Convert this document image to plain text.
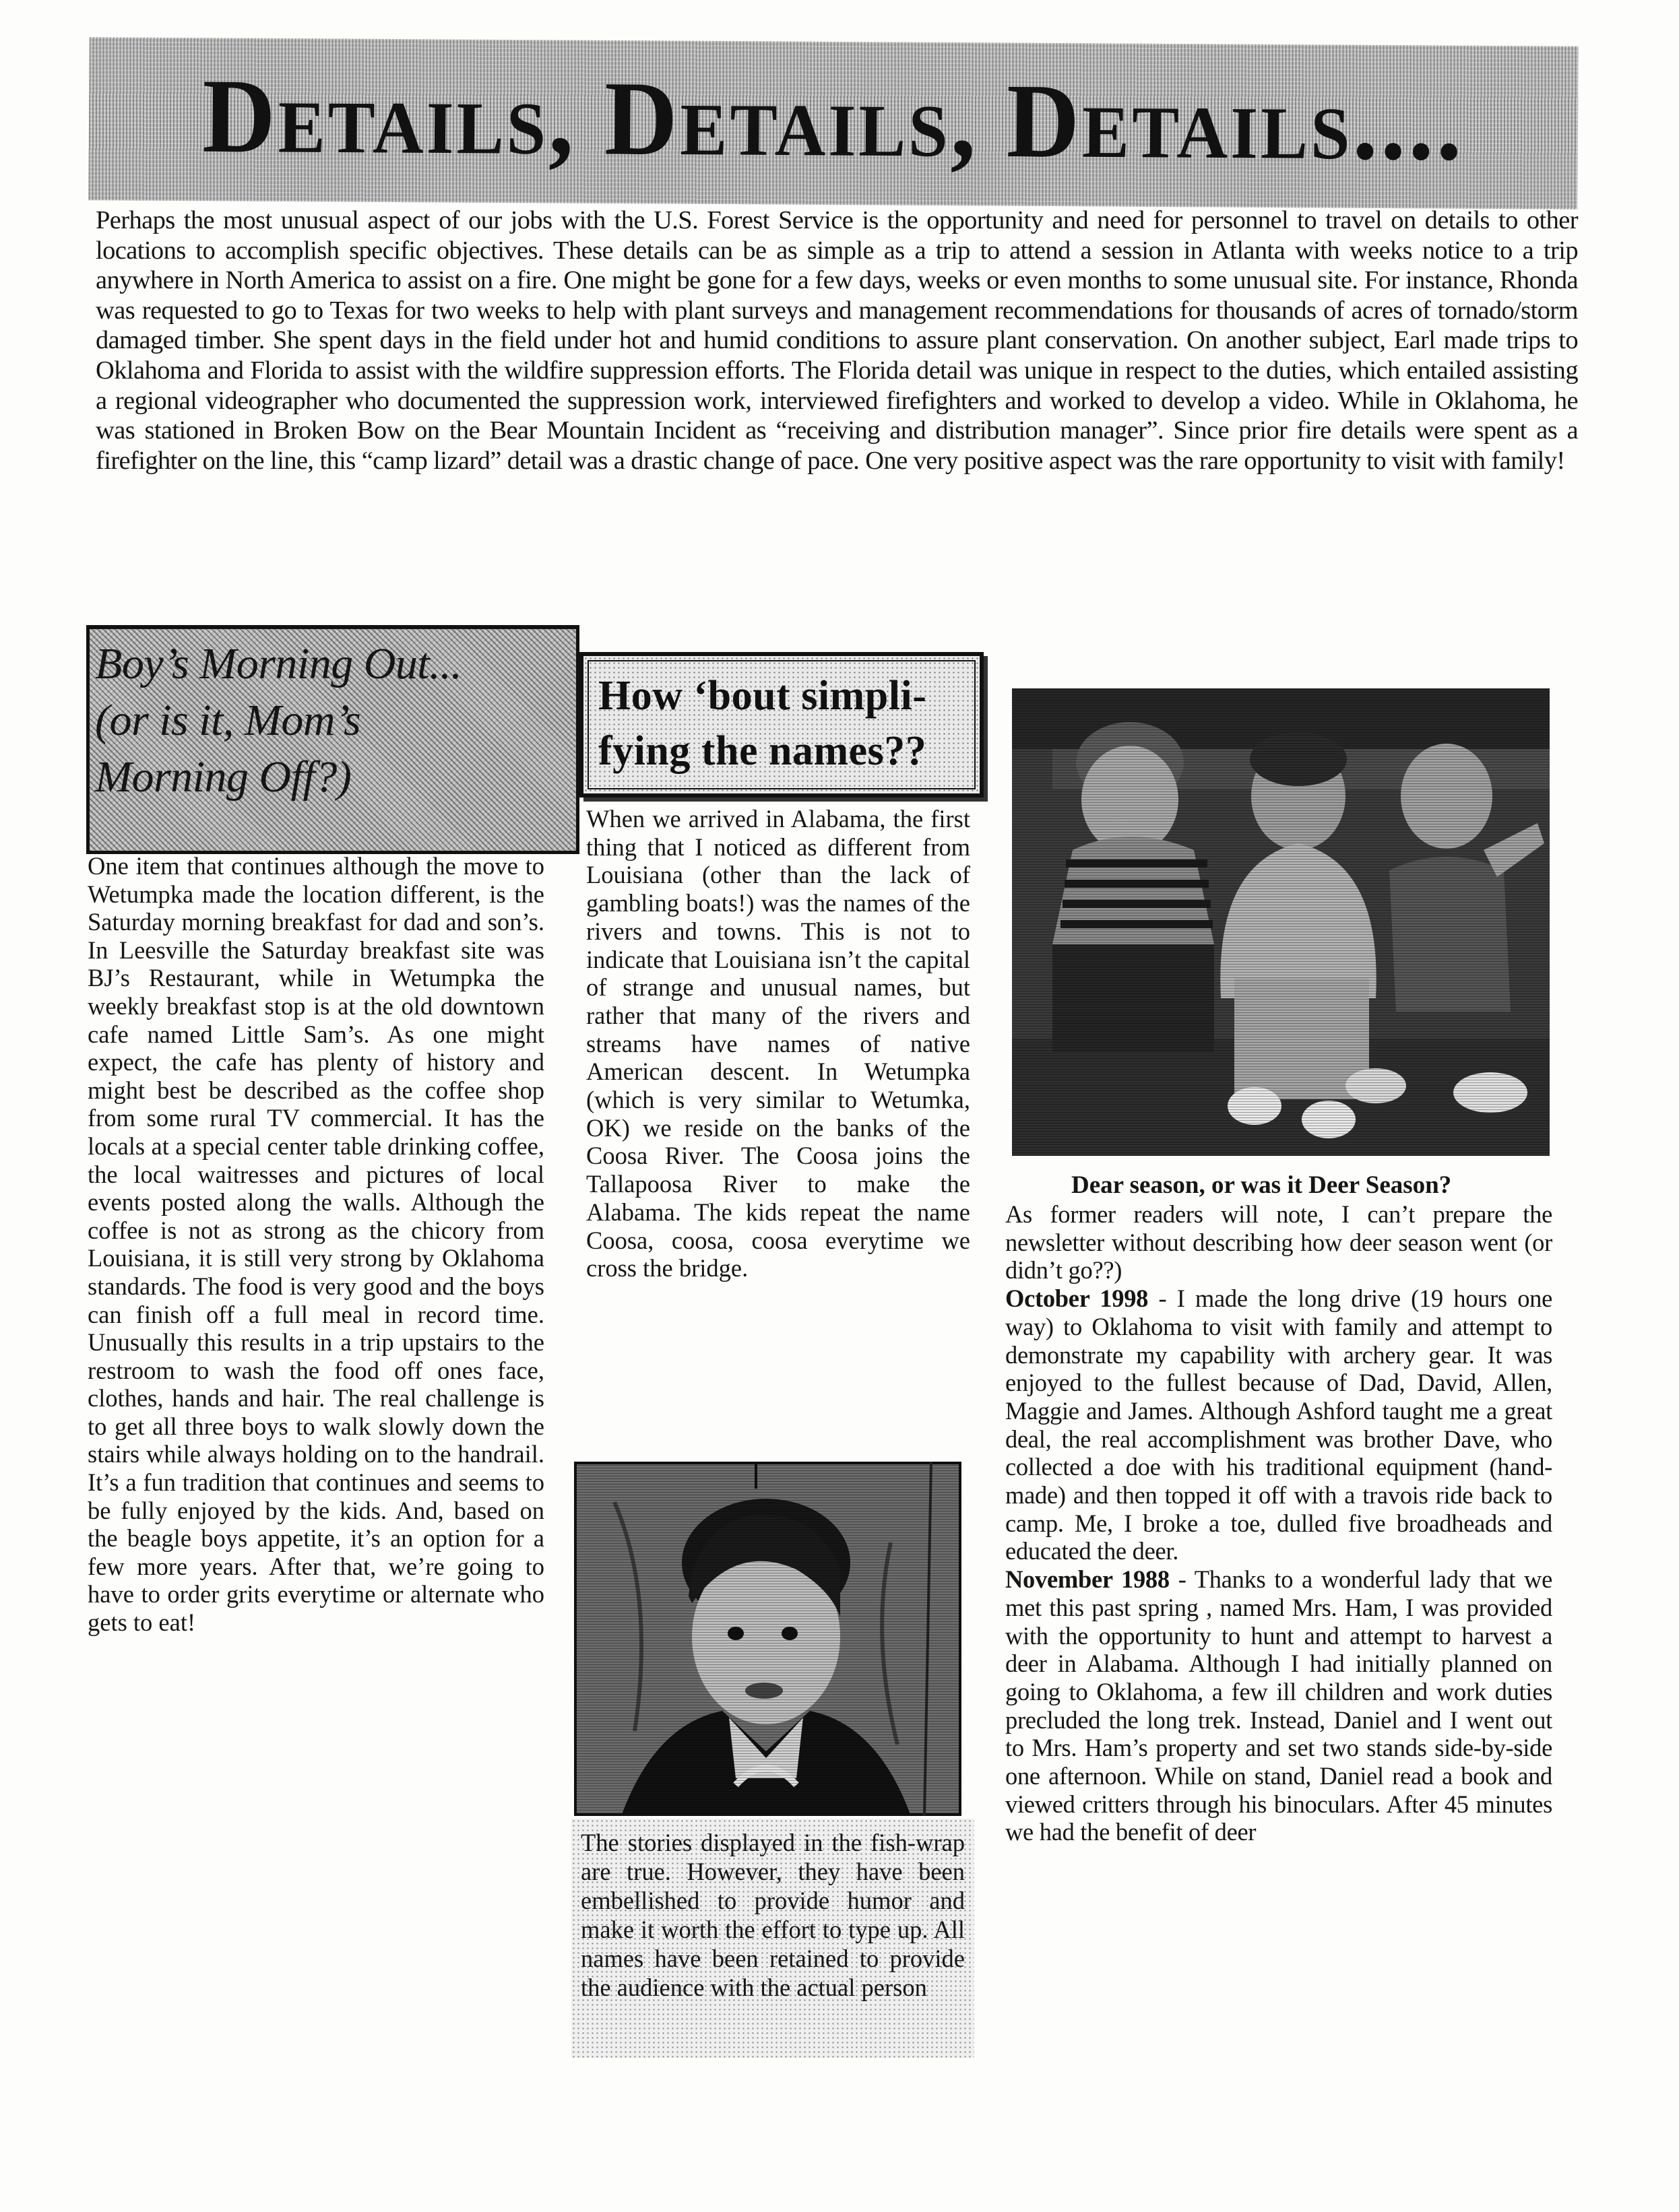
Details, Details, Details....

Perhaps the most unusual aspect of our jobs with the U.S. Forest Service is the opportunity and need for personnel to travel on details to other locations to accomplish specific objectives. These details can be as simple as a trip to attend a session in Atlanta with weeks notice to a trip anywhere in North America to assist on a fire. One might be gone for a few days, weeks or even months to some unusual site. For instance, Rhonda was requested to go to Texas for two weeks to help with plant surveys and management recommendations for thousands of acres of tornado/storm damaged timber. She spent days in the field under hot and humid conditions to assure plant conservation. On another subject, Earl made trips to Oklahoma and Florida to assist with the wildfire suppression efforts. The Florida detail was unique in respect to the duties, which entailed assisting a regional videographer who documented the suppression work, interviewed firefighters and worked to develop a video. While in Oklahoma, he was stationed in Broken Bow on the Bear Mountain Incident as “receiving and distribution manager”. Since prior fire details were spent as a firefighter on the line, this “camp lizard” detail was a drastic change of pace. One very positive aspect was the rare opportunity to visit with family!

Boy’s Morning Out...
(or is it, Mom’s
Morning Off?)

One item that continues although the move to Wetumpka made the location different, is the Saturday morning breakfast for dad and son’s. In Leesville the Saturday breakfast site was BJ’s Restaurant, while in Wetumpka the weekly breakfast stop is at the old downtown cafe named Little Sam’s. As one might expect, the cafe has plenty of history and might best be described as the coffee shop from some rural TV commercial. It has the locals at a special center table drinking coffee, the local waitresses and pictures of local events posted along the walls. Although the coffee is not as strong as the chicory from Louisiana, it is still very strong by Oklahoma standards. The food is very good and the boys can finish off a full meal in record time. Unusually this results in a trip upstairs to the restroom to wash the food off ones face, clothes, hands and hair. The real challenge is to get all three boys to walk slowly down the stairs while always holding on to the handrail. It’s a fun tradition that continues and seems to be fully enjoyed by the kids. And, based on the beagle boys appetite, it’s an option for a few more years. After that, we’re going to have to order grits everytime or alternate who gets to eat!

How ‘bout simpli-
fying the names??

When we arrived in Alabama, the first thing that I noticed as different from Louisiana (other than the lack of gambling boats!) was the names of the rivers and towns. This is not to indicate that Louisiana isn’t the capital of strange and unusual names, but rather that many of the rivers and streams have names of native American descent. In Wetumpka (which is very similar to Wetumka, OK) we reside on the banks of the Coosa River. The Coosa joins the Tallapoosa River to make the Alabama. The kids repeat the name Coosa, coosa, coosa everytime we cross the bridge.

The stories displayed in the fish-wrap are true. However, they have been embellished to provide humor and make it worth the effort to type up. All names have been retained to provide the audience with the actual person

Dear season, or was it Deer Season?

As former readers will note, I can’t prepare the newsletter without describing how deer season went (or didn’t go??)

October 1998 - I made the long drive (19 hours one way) to Oklahoma to visit with family and attempt to demonstrate my capability with archery gear. It was enjoyed to the fullest because of Dad, David, Allen, Maggie and James. Although Ashford taught me a great deal, the real accomplishment was brother Dave, who collected a doe with his traditional equipment (hand-made) and then topped it off with a travois ride back to camp. Me, I broke a toe, dulled five broadheads and educated the deer.

November 1988 - Thanks to a wonderful lady that we met this past spring , named Mrs. Ham, I was provided with the opportunity to hunt and attempt to harvest a deer in Alabama. Although I had initially planned on going to Oklahoma, a few ill children and work duties precluded the long trek. Instead, Daniel and I went out to Mrs. Ham’s property and set two stands side-by-side one afternoon. While on stand, Daniel read a book and viewed critters through his binoculars. After 45 minutes we had the benefit of deer
